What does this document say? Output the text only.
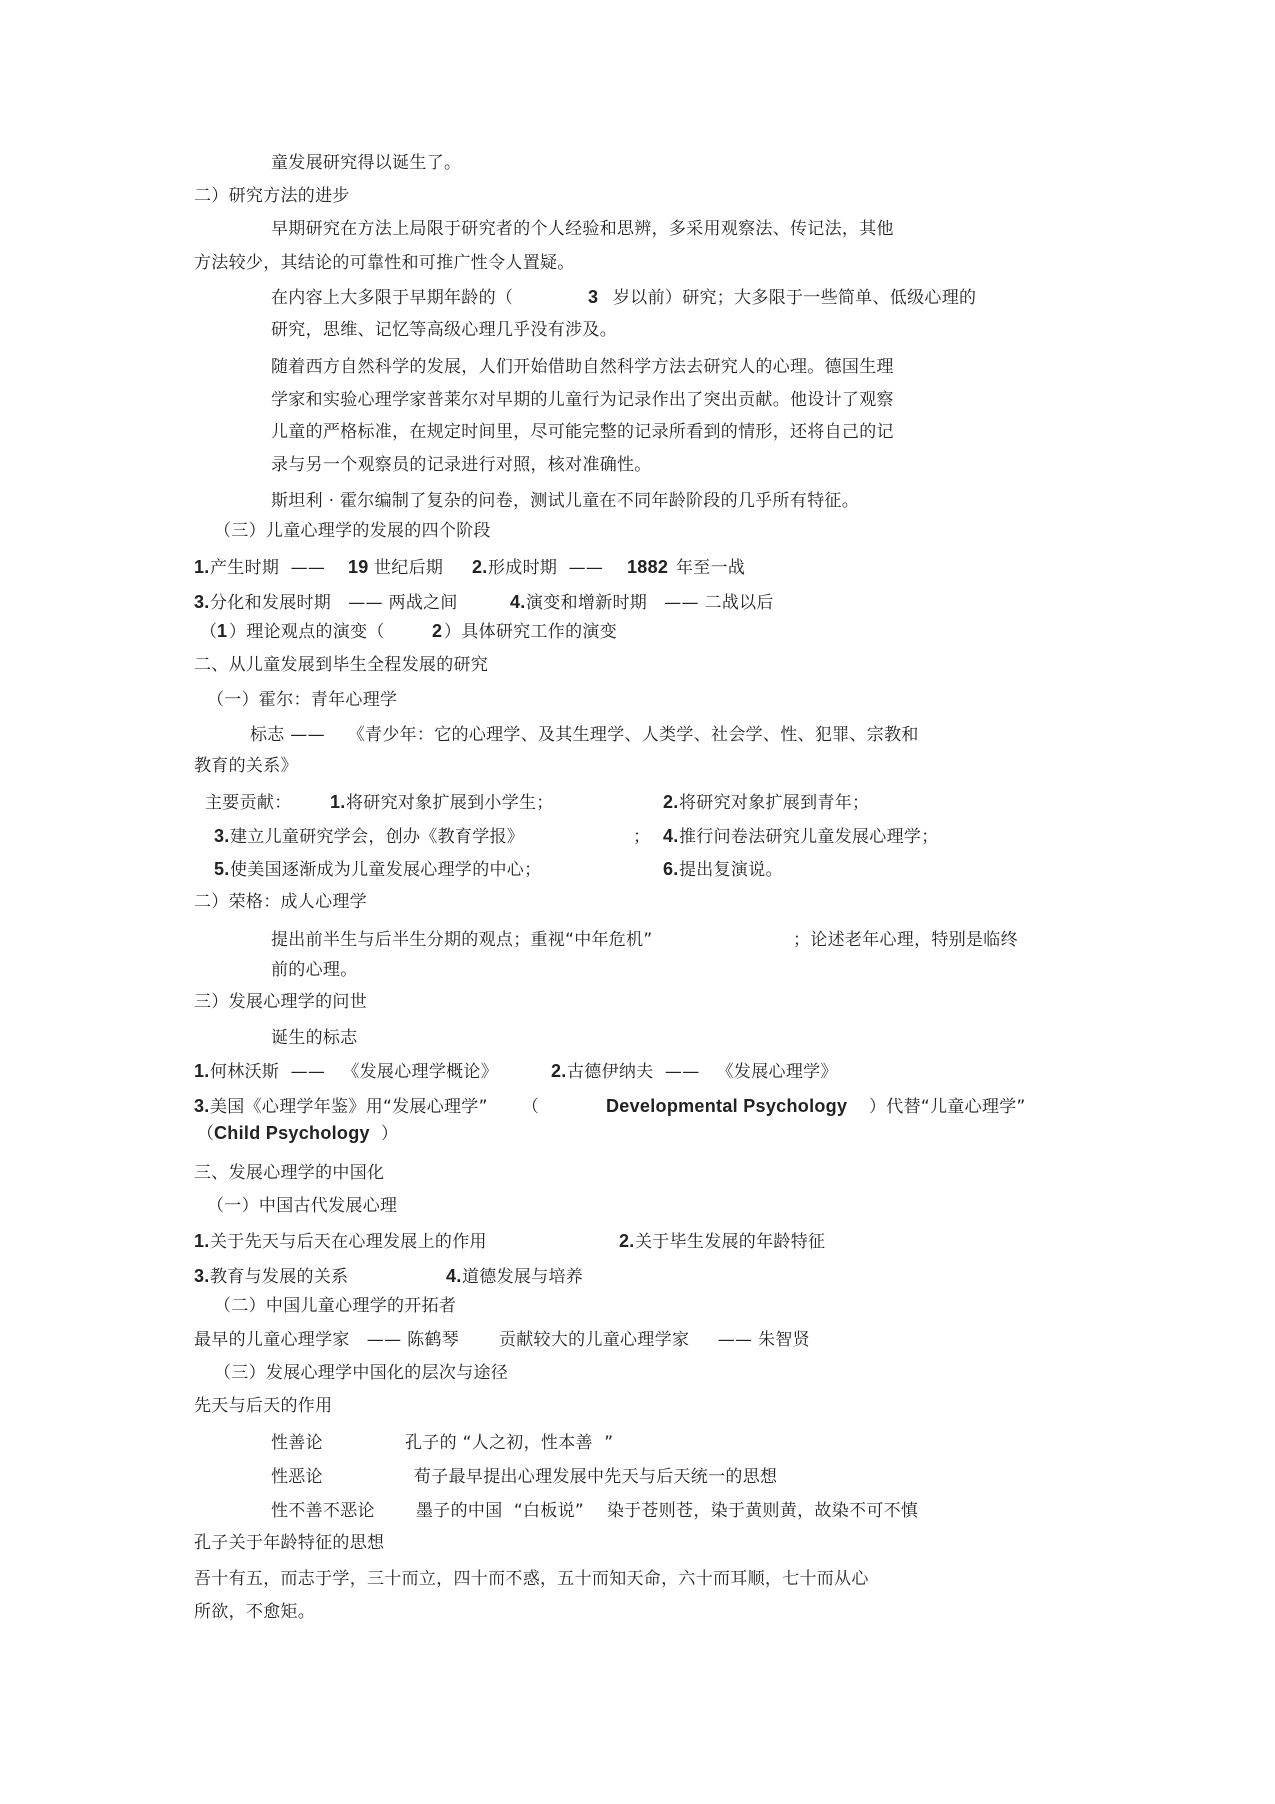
童发展研究得以诞生了。
二）研究方法的进步
早期研究在方法上局限于研究者的个人经验和思辨，多采用观察法、传记法，其他
方法较少，其结论的可靠性和可推广性令人置疑。
在内容上大多限于早期年龄的（	3 岁以前）研究；大多限于一些简单、低级心理的
研究，思维、记忆等高级心理几乎没有涉及。
随着西方自然科学的发展，人们开始借助自然科学方法去研究人的心理。德国生理
学家和实验心理学家普莱尔对早期的儿童行为记录作出了突出贡献。他设计了观察
儿童的严格标准，在规定时间里，尽可能完整的记录所看到的情形，还将自己的记
录与另一个观察员的记录进行对照，核对准确性。
斯坦利 · 霍尔编制了复杂的问卷，测试儿童在不同年龄阶段的几乎所有特征。
（三）儿童心理学的发展的四个阶段
1. 产生时期  —— 19 世纪后期 2. 形成时期  —— 1882 年至一战
3. 分化和发展时期   —— 两战之间	4. 演变和增新时期   —— 二战以后
（ 1 ）理论观点的演变（	2 ）具体研究工作的演变
二、从儿童发展到毕生全程发展的研究
（一）霍尔：青年心理学
标志 ——    《青少年：它的心理学、及其生理学、人类学、社会学、性、犯罪、宗教和
教育的关系》
主要贡献： 1. 将研究对象扩展到小学生；	2. 将研究对象扩展到青年；
3. 建立儿童研究学会，创办《教育学报》	； 4. 推行问卷法研究儿童发展心理学；
5. 使美国逐渐成为儿童发展心理学的中心；	6. 提出复演说。
二）荣格：成人心理学
提出前半生与后半生分期的观点；重视“中年危机”	；论述老年心理，特别是临终
前的心理。
三）发展心理学的问世
诞生的标志
1. 何林沃斯  ——   《发展心理学概论》	2. 古德伊纳夫  ——   《发展心理学》
3. 美国《心理学年鉴》用“发展心理学”      （	Developmental Psychology ）代替“儿童心理学”
（ Child Psychology ）
三、发展心理学的中国化
（一）中国古代发展心理
1. 关于先天与后天在心理发展上的作用	2. 关于毕生发展的年龄特征
3. 教育与发展的关系	4. 道德发展与培养
（二）中国儿童心理学的开拓者
最早的儿童心理学家   —— 陈鹤琴       贡献较大的儿童心理学家     —— 朱智贤
（三）发展心理学中国化的层次与途径
先天与后天的作用
性善论	孔子的 “人之初，性本善  ”
性恶论	荀子最早提出心理发展中先天与后天统一的思想
性不善不恶论 墨子的中国  “白板说”    染于苍则苍，染于黄则黄，故染不可不慎
孔子关于年龄特征的思想
吾十有五，而志于学，三十而立，四十而不惑，五十而知天命，六十而耳顺，七十而从心
所欲，不愈矩。
